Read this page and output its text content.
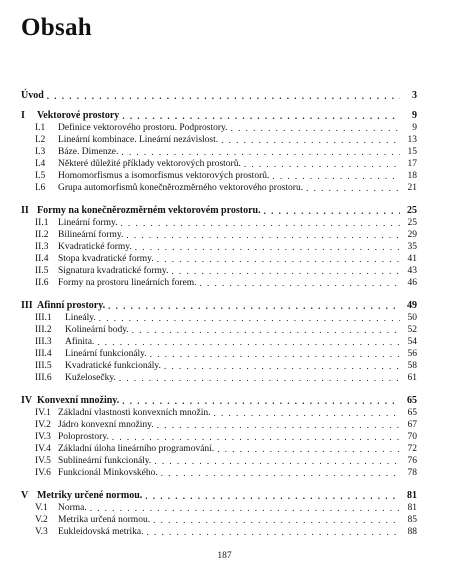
Obsah
Úvod . . .	3
I	Vektorové prostory . . .	9
I.1	Definice vektorového prostoru. Podprostory. . . .	9
I.2	Lineární kombinace. Lineární nezávislost. . . .	13
I.3	Báze. Dimenze. . . .	15
I.4	Některé důležité příklady vektorových prostorů. . . .	17
I.5	Homomorfismus a isomorfismus vektorových prostorů. . . .	18
I.6	Grupa automorfismů konečněrozměrného vektorového prostoru. . . .	21
II Formy na konečněrozměrném vektorovém prostoru. . . .	25
II.1	Lineární formy. . . .	25
II.2	Bilineární formy. . . .	29
II.3	Kvadratické formy. . . .	35
II.4	Stopa kvadratické formy. . . .	41
II.5	Signatura kvadratické formy. . . .	43
II.6	Formy na prostoru lineárních forem. . . .	46
III Afinní prostory. . . .	49
III.1	Lineály. . . .	50
III.2	Kolineární body. . . .	52
III.3	Afinita. . . .	54
III.4	Lineární funkcionály. . . .	56
III.5	Kvadratické funkcionály. . . .	58
III.6	Kuželosečky. . . .	61
IV Konvexní množiny. . . .	65
IV.1 Základní vlastnosti konvexních množin. . . .	65
IV.2 Jádro konvexní množiny. . . .	67
IV.3 Poloprostory. . . .	70
IV.4 Základní úloha lineárního programování. . . .	72
IV.5 Sublineární funkcionály. . . .	76
IV.6 Funkcionál Minkovského. . . .	78
V Metriky určené normou. . . .	81
V.1	Norma. . . .	81
V.2	Metrika určená normou. . . .	85
V.3	Eukleidovská metrika. . . .	88
187
